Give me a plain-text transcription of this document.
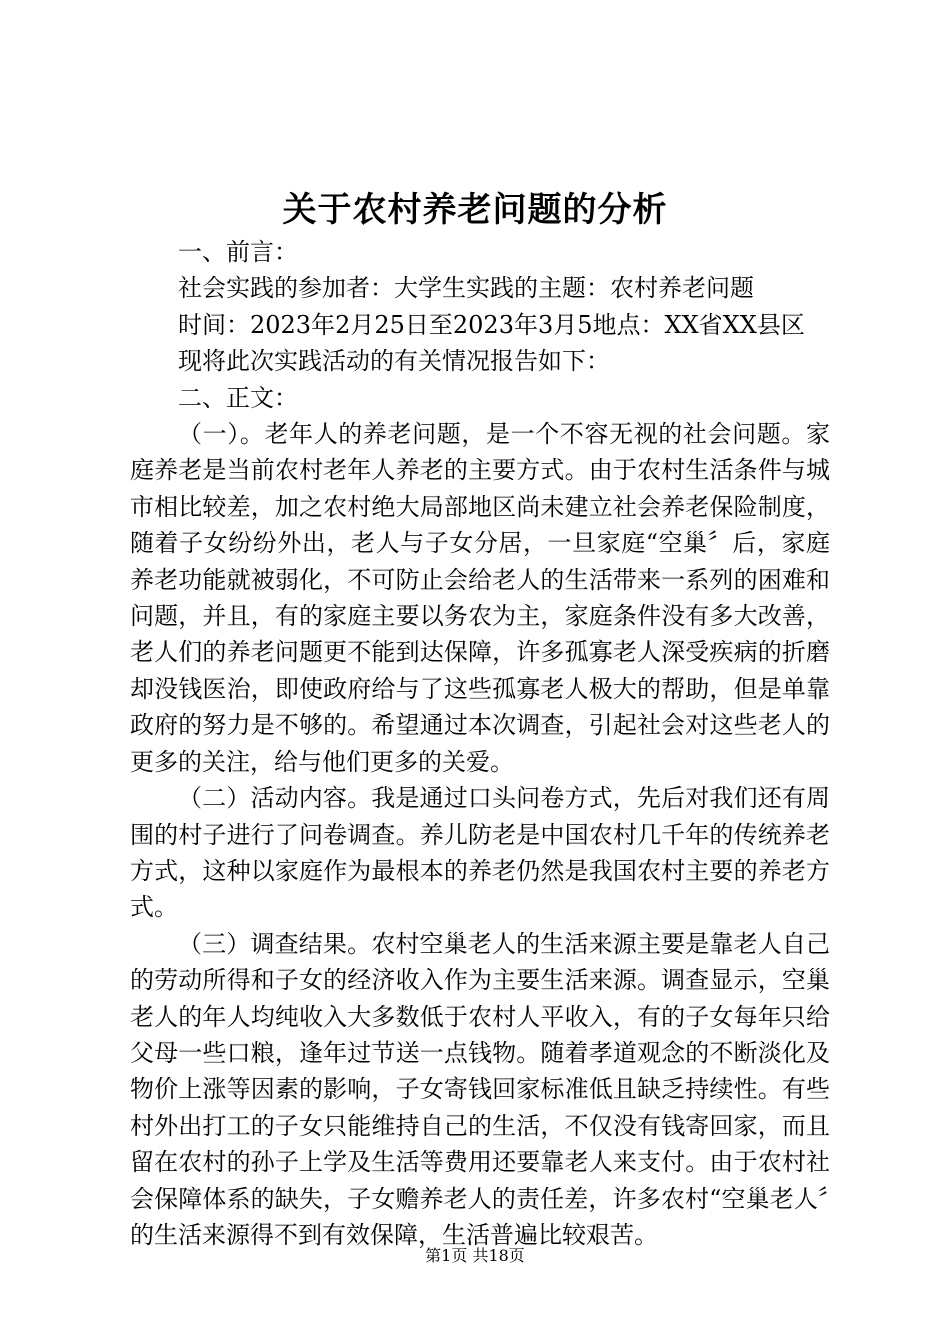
关于农村养老问题的分析

一、前言：

社会实践的参加者：大学生实践的主题：农村养老问题

时间：2023年2月25日至2023年3月5地点：XX省XX县区

现将此次实践活动的有关情况报告如下：

二、正文：

（一）。老年人的养老问题，是一个不容无视的社会问题。家庭养老是当前农村老年人养老的主要方式。由于农村生活条件与城市相比较差，加之农村绝大局部地区尚未建立社会养老保险制度，随着子女纷纷外出，老人与子女分居，一旦家庭“空巢〞后，家庭养老功能就被弱化，不可防止会给老人的生活带来一系列的困难和问题，并且，有的家庭主要以务农为主，家庭条件没有多大改善，老人们的养老问题更不能到达保障，许多孤寡老人深受疾病的折磨却没钱医治，即使政府给与了这些孤寡老人极大的帮助，但是单靠政府的努力是不够的。希望通过本次调查，引起社会对这些老人的更多的关注，给与他们更多的关爱。

（二）活动内容。我是通过口头问卷方式，先后对我们还有周围的村子进行了问卷调查。养儿防老是中国农村几千年的传统养老方式，这种以家庭作为最根本的养老仍然是我国农村主要的养老方式。

（三）调查结果。农村空巢老人的生活来源主要是靠老人自己的劳动所得和子女的经济收入作为主要生活来源。调查显示，空巢老人的年人均纯收入大多数低于农村人平收入，有的子女每年只给父母一些口粮，逢年过节送一点钱物。随着孝道观念的不断淡化及物价上涨等因素的影响，子女寄钱回家标准低且缺乏持续性。有些村外出打工的子女只能维持自己的生活，不仅没有钱寄回家，而且留在农村的孙子上学及生活等费用还要靠老人来支付。由于农村社会保障体系的缺失，子女赡养老人的责任差，许多农村“空巢老人〞的生活来源得不到有效保障，生活普遍比较艰苦。

第1页 共18页
